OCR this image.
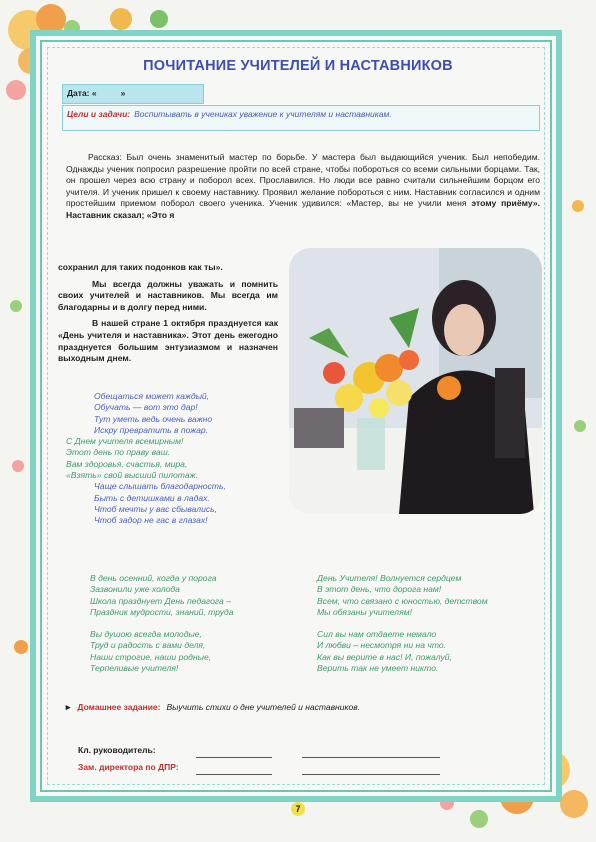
ПОЧИТАНИЕ УЧИТЕЛЕЙ И НАСТАВНИКОВ
Дата: «	»
Цели и задачи: Воспитывать в учениках уважение к учителям и наставникам.
Рассказ: Был очень знаменитый мастер по борьбе. У мастера был выдающийся ученик. Был непобедим. Однажды ученик попросил разрешение пройти по всей стране, чтобы побороться со всеми сильными борцами. Так, он прошел через всю страну и поборол всех. Прославился. Но люди все равно считали сильнейшим борцом его учителя. И ученик пришел к своему наставнику. Проявил желание побороться с ним. Наставник согласился и одним простейшим приемом поборол своего ученика. Ученик удивился: «Мастер, вы не учили меня этому приёму». Наставник сказал; «Это я
сохранил для таких подонков как ты».
Мы всегда должны уважать и помнить своих учителей и наставников. Мы всегда им благодарны и в долгу перед ними.
В нашей стране 1 октября празднуется как «День учителя и наставника». Этот день ежегодно празднуется большим энтузиазмом и назначен выходным днем.
Обещаться может каждый,
Обучать — вот это дар!
Тут уметь ведь очень важно
Искру превратить в пожар.
С Днем учителя всемирным!
Этот день по праву ваш.
Вам здоровья, счастья, мира,
«Взять» свой высший пилотаж.
Чаще слышать благодарность,
Быть с детишками в ладах.
Чтоб мечты у вас сбывались,
Чтоб задор не гас в глазах!
В день осенний, когда у порога
Зазвонили уже холода
Школа празднует День педагога –
Праздник мудрости, знаний, труда
Вы душою всегда молодые,
Труд и радость с вами деля,
Наши строгие, наши родные,
Терпеливые учителя!
День Учителя! Волнуется сердцем
В этот день, что дорога нам!
Всем, что связано с юностью, детством
Мы обязаны учителям!
Сил вы нам отдаете немало
И любви – несмотря ни на что.
Как вы верите в нас! И, пожалуй,
Верить так не умеет никто.
► Домашнее задание: Выучить стихи о дне учителей и наставников.
Кл. руководитель:
Зам. директора по ДПР:
7
